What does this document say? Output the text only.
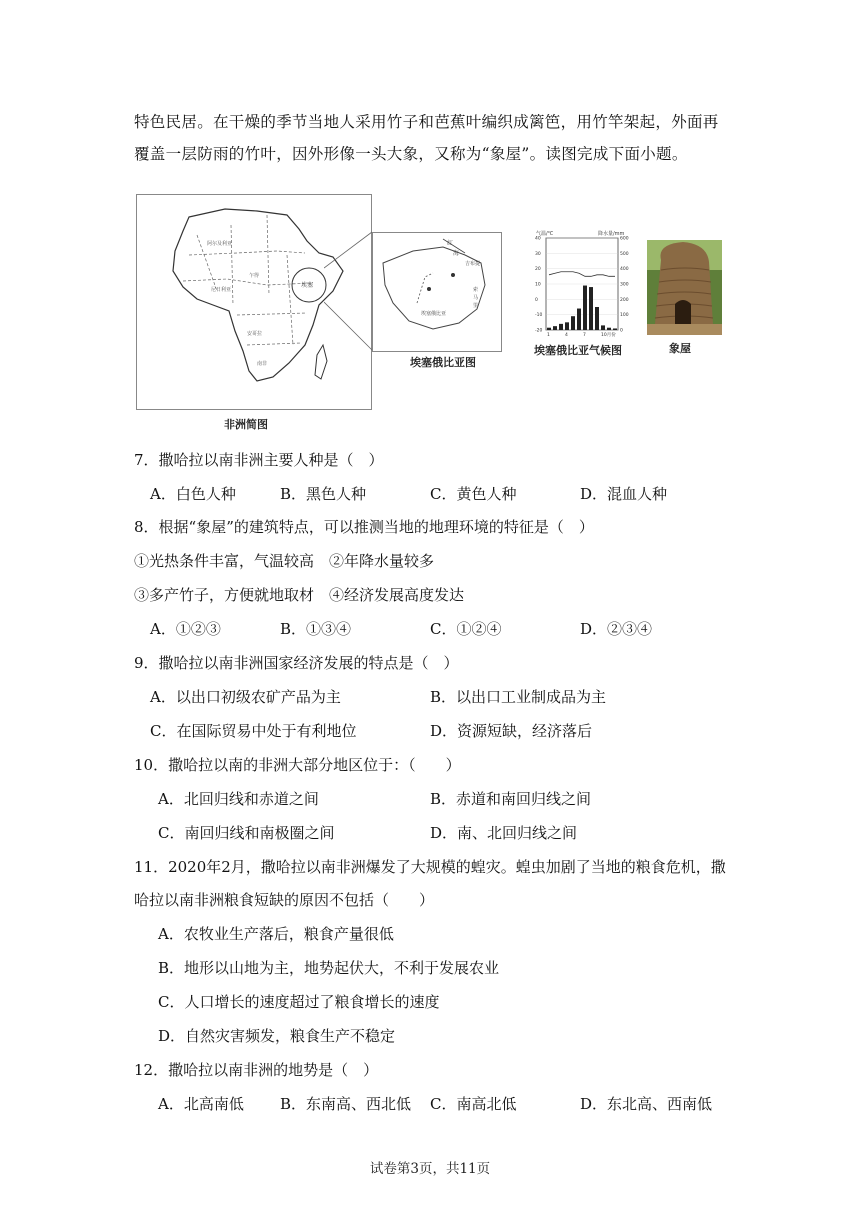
特色民居。在干燥的季节当地人采用竹子和芭蕉叶编织成篱笆，用竹竿架起，外面再覆盖一层防雨的竹叶，因外形像一头大象，又称为“象屋”。读图完成下面小题。
埃塞
阿尔及利亚
乍得
尼日利亚
安哥拉
南非
红
海
吉布提
索
马
里
埃塞俄比亚
气温/℃	降水量/mm
40
30
20
10
0
-10
-20
600
500
400
300
200
100
0
1	4	7	10月份
非洲简图
埃塞俄比亚图
埃塞俄比亚气候图	象屋
7．撒哈拉以南非洲主要人种是（　）
A．白色人种	B．黑色人种	C．黄色人种	D．混血人种
8．根据“象屋”的建筑特点，可以推测当地的地理环境的特征是（　）
①光热条件丰富，气温较高　②年降水量较多
③多产竹子，方便就地取材　④经济发展高度发达
A．①②③	B．①③④	C．①②④	D．②③④
9．撒哈拉以南非洲国家经济发展的特点是（　）
A．以出口初级农矿产品为主	B．以出口工业制成品为主
C．在国际贸易中处于有利地位	D．资源短缺，经济落后
10．撒哈拉以南的非洲大部分地区位于：（　　）
A．北回归线和赤道之间	B．赤道和南回归线之间
C．南回归线和南极圈之间	D．南、北回归线之间
11．2020年2月，撒哈拉以南非洲爆发了大规模的蝗灾。蝗虫加剧了当地的粮食危机，撒
哈拉以南非洲粮食短缺的原因不包括（　　）
A．农牧业生产落后，粮食产量很低
B．地形以山地为主，地势起伏大，不利于发展农业
C．人口增长的速度超过了粮食增长的速度
D．自然灾害频发，粮食生产不稳定
12．撒哈拉以南非洲的地势是（　）
A．北高南低 B．东南高、西北低 C．南高北低	D．东北高、西南低
试卷第3页，共11页
